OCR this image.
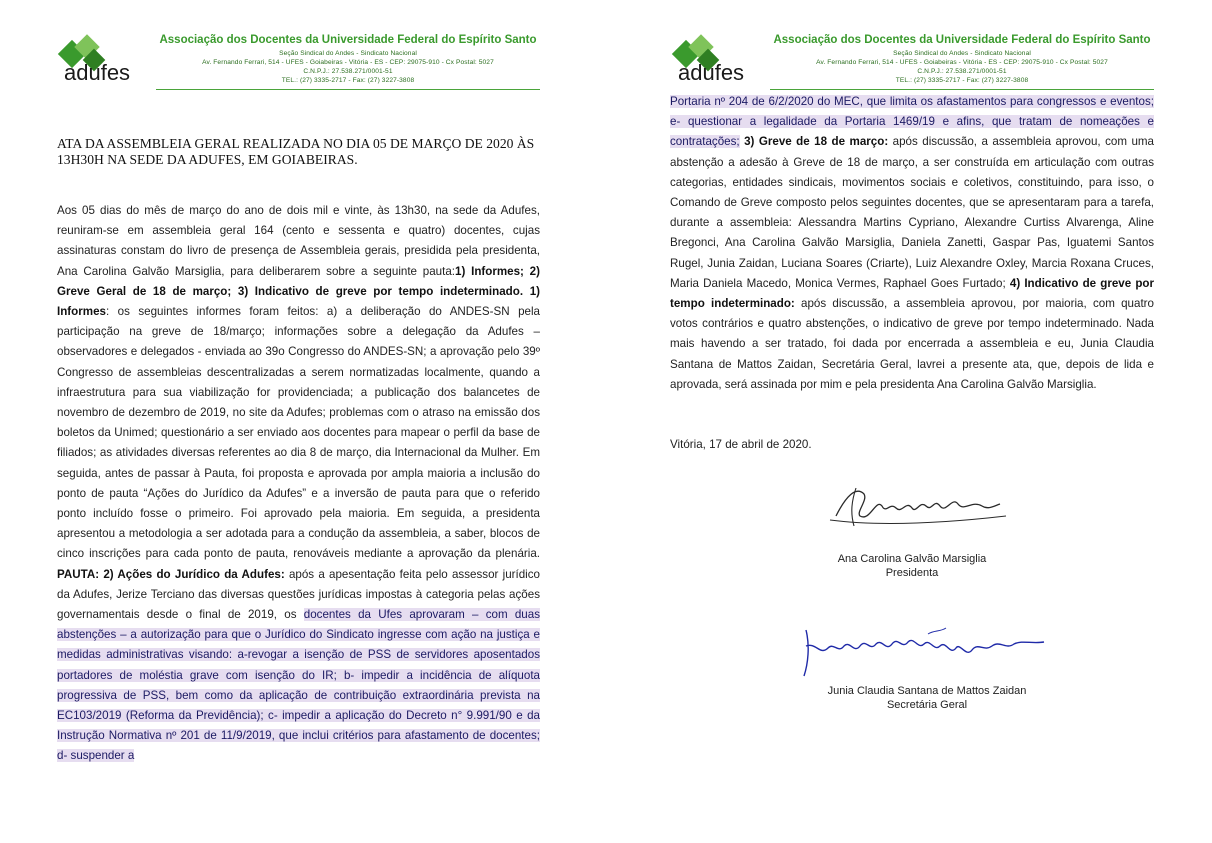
adufes
Associação dos Docentes da Universidade Federal do Espírito Santo
Seção Sindical do Andes - Sindicato Nacional
Av. Fernando Ferrari, 514 - UFES - Goiabeiras - Vitória - ES - CEP: 29075-910 - Cx Postal: 5027
C.N.P.J.: 27.538.271/0001-51
TEL.: (27) 3335-2717 - Fax: (27) 3227-3808
ATA DA ASSEMBLEIA GERAL REALIZADA NO DIA 05 DE MARÇO DE 2020 ÀS 13H30H NA SEDE DA ADUFES, EM GOIABEIRAS.
Aos 05 dias do mês de março do ano de dois mil e vinte, às 13h30, na sede da Adufes, reuniram-se em assembleia geral 164 (cento e sessenta e quatro) docentes, cujas assinaturas constam do livro de presença de Assembleia gerais, presidida pela presidenta, Ana Carolina Galvão Marsiglia, para deliberarem sobre a seguinte pauta:1) Informes; 2) Greve Geral de 18 de março; 3) Indicativo de greve por tempo indeterminado. 1) Informes: os seguintes informes foram feitos: a) a deliberação do ANDES-SN pela participação na greve de 18/março; informações sobre a delegação da Adufes – observadores e delegados - enviada ao 39o Congresso do ANDES-SN; a aprovação pelo 39º Congresso de assembleias descentralizadas a serem normatizadas localmente, quando a infraestrutura para sua viabilização for providenciada; a publicação dos balancetes de novembro de dezembro de 2019, no site da Adufes; problemas com o atraso na emissão dos boletos da Unimed; questionário a ser enviado aos docentes para mapear o perfil da base de filiados; as atividades diversas referentes ao dia 8 de março, dia Internacional da Mulher. Em seguida, antes de passar à Pauta, foi proposta e aprovada por ampla maioria a inclusão do ponto de pauta “Ações do Jurídico da Adufes” e a inversão de pauta para que o referido ponto incluído fosse o primeiro. Foi aprovado pela maioria. Em seguida, a presidenta apresentou a metodologia a ser adotada para a condução da assembleia, a saber, blocos de cinco inscrições para cada ponto de pauta, renováveis mediante a aprovação da plenária. PAUTA: 2) Ações do Jurídico da Adufes: após a apesentação feita pelo assessor jurídico da Adufes, Jerize Terciano das diversas questões jurídicas impostas à categoria pelas ações governamentais desde o final de 2019, os docentes da Ufes aprovaram – com duas abstenções – a autorização para que o Jurídico do Sindicato ingresse com ação na justiça e medidas administrativas visando: a-revogar a isenção de PSS de servidores aposentados portadores de moléstia grave com isenção do IR; b- impedir a incidência de alíquota progressiva de PSS, bem como da aplicação de contribuição extraordinária prevista na EC103/2019 (Reforma da Previdência); c- impedir a aplicação do Decreto n° 9.991/90 e da Instrução Normativa nº 201 de 11/9/2019, que inclui critérios para afastamento de docentes; d- suspender a
adufes
Associação dos Docentes da Universidade Federal do Espírito Santo
Seção Sindical do Andes - Sindicato Nacional
Av. Fernando Ferrari, 514 - UFES - Goiabeiras - Vitória - ES - CEP: 29075-910 - Cx Postal: 5027
C.N.P.J.: 27.538.271/0001-51
TEL.: (27) 3335-2717 - Fax: (27) 3227-3808
Portaria nº 204 de 6/2/2020 do MEC, que limita os afastamentos para congressos e eventos; e- questionar a legalidade da Portaria 1469/19 e afins, que tratam de nomeações e contratações; 3) Greve de 18 de março: após discussão, a assembleia aprovou, com uma abstenção a adesão à Greve de 18 de março, a ser construída em articulação com outras categorias, entidades sindicais, movimentos sociais e coletivos, constituindo, para isso, o Comando de Greve composto pelos seguintes docentes, que se apresentaram para a tarefa, durante a assembleia: Alessandra Martins Cypriano, Alexandre Curtiss Alvarenga, Aline Bregonci, Ana Carolina Galvão Marsiglia, Daniela Zanetti, Gaspar Pas, Iguatemi Santos Rugel, Junia Zaidan, Luciana Soares (Criarte), Luiz Alexandre Oxley, Marcia Roxana Cruces, Maria Daniela Macedo, Monica Vermes, Raphael Goes Furtado; 4) Indicativo de greve por tempo indeterminado: após discussão, a assembleia aprovou, por maioria, com quatro votos contrários e quatro abstenções, o indicativo de greve por tempo indeterminado. Nada mais havendo a ser tratado, foi dada por encerrada a assembleia e eu, Junia Claudia Santana de Mattos Zaidan, Secretária Geral, lavrei a presente ata, que, depois de lida e aprovada, será assinada por mim e pela presidenta Ana Carolina Galvão Marsiglia.
Vitória, 17 de abril de 2020.
Ana Carolina Galvão Marsiglia
Presidenta
Junia Claudia Santana de Mattos Zaidan
Secretária Geral
